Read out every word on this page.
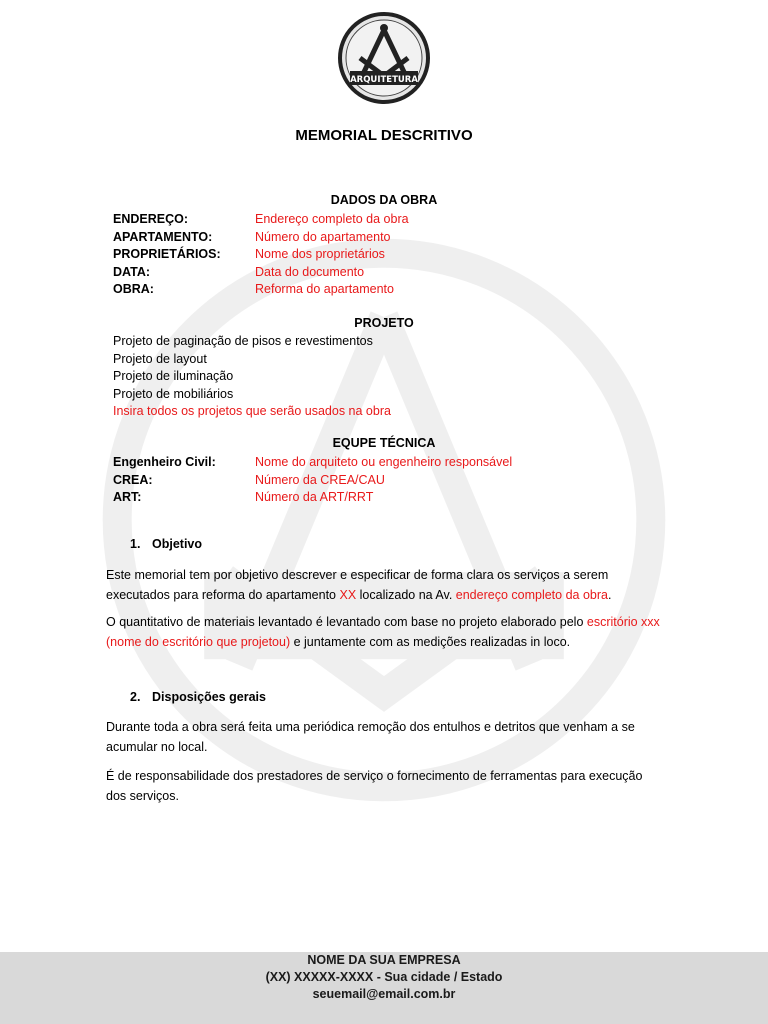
ARQUITETURA
MEMORIAL DESCRITIVO
DADOS DA OBRA
ENDEREÇO:	Endereço completo da obra
APARTAMENTO:	Número do apartamento
PROPRIETÁRIOS:	Nome dos proprietários
DATA:	Data do documento
OBRA:	Reforma do apartamento
PROJETO
Projeto de paginação de pisos e revestimentos
Projeto de layout
Projeto de iluminação
Projeto de mobiliários
Insira todos os projetos que serão usados na obra
EQUPE TÉCNICA
Engenheiro Civil:	Nome do arquiteto ou engenheiro responsável
CREA:	Número da CREA/CAU
ART:	Número da ART/RRT
1. Objetivo
Este memorial tem por objetivo descrever e especificar de forma clara os serviços a serem executados para reforma do apartamento XX localizado na Av. endereço completo da obra.
O quantitativo de materiais levantado é levantado com base no projeto elaborado pelo escritório xxx (nome do escritório que projetou) e juntamente com as medições realizadas in loco.
2. Disposições gerais
Durante toda a obra será feita uma periódica remoção dos entulhos e detritos que venham a se acumular no local.
É de responsabilidade dos prestadores de serviço o fornecimento de ferramentas para execução dos serviços.
NOME DA SUA EMPRESA
(XX) XXXXX-XXXX - Sua cidade / Estado
seuemail@email.com.br
